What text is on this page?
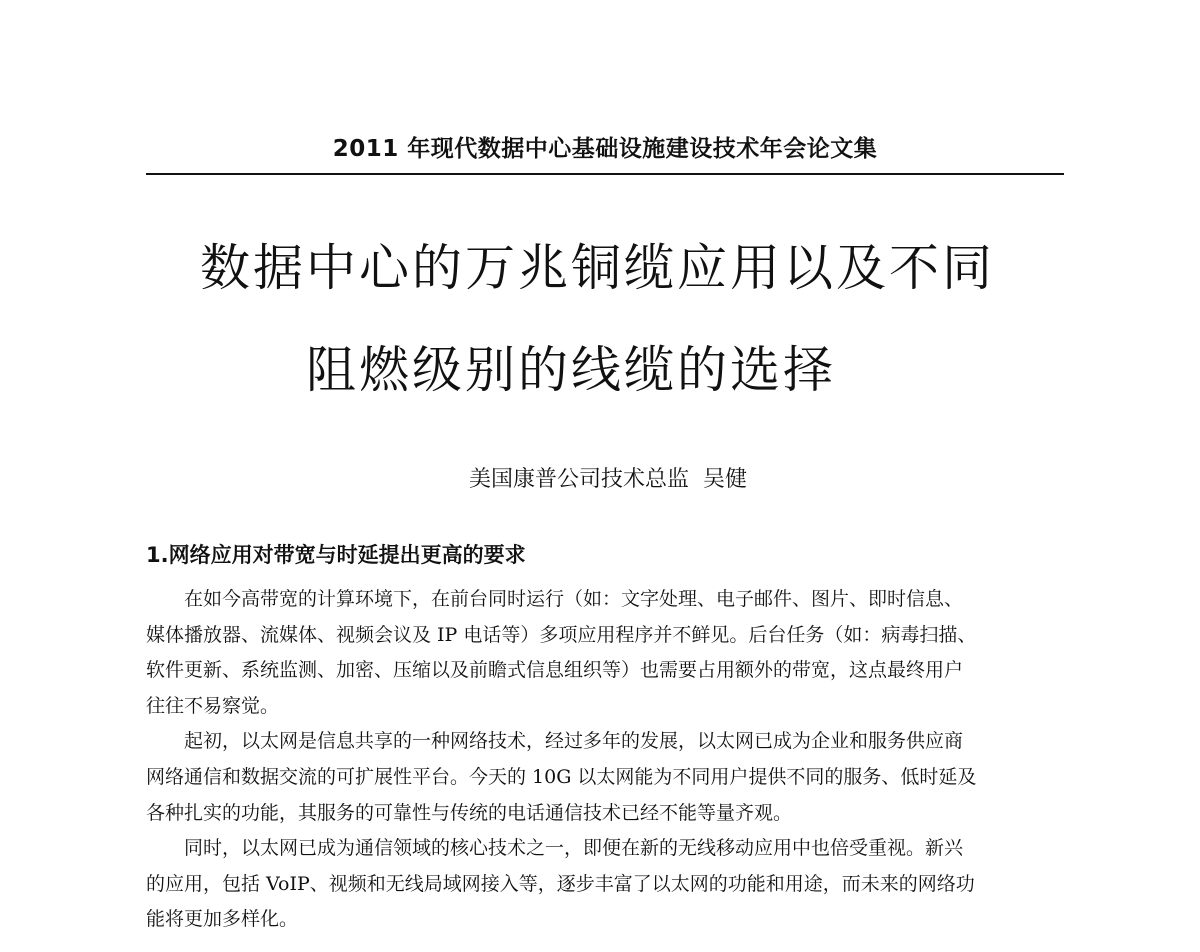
2011 年现代数据中心基础设施建设技术年会论文集
数据中心的万兆铜缆应用以及不同
阻燃级别的线缆的选择
美国康普公司技术总监 吴健
1.网络应用对带宽与时延提出更高的要求

在如今高带宽的计算环境下，在前台同时运行（如：文字处理、电子邮件、图片、即时信息、
媒体播放器、流媒体、视频会议及 IP 电话等）多项应用程序并不鲜见。后台任务（如：病毒扫描、
软件更新、系统监测、加密、压缩以及前瞻式信息组织等）也需要占用额外的带宽，这点最终用户
往往不易察觉。

起初，以太网是信息共享的一种网络技术，经过多年的发展，以太网已成为企业和服务供应商
网络通信和数据交流的可扩展性平台。今天的 10G 以太网能为不同用户提供不同的服务、低时延及
各种扎实的功能，其服务的可靠性与传统的电话通信技术已经不能等量齐观。

同时，以太网已成为通信领域的核心技术之一，即便在新的无线移动应用中也倍受重视。新兴
的应用，包括 VoIP、视频和无线局域网接入等，逐步丰富了以太网的功能和用途，而未来的网络功
能将更加多样化。
